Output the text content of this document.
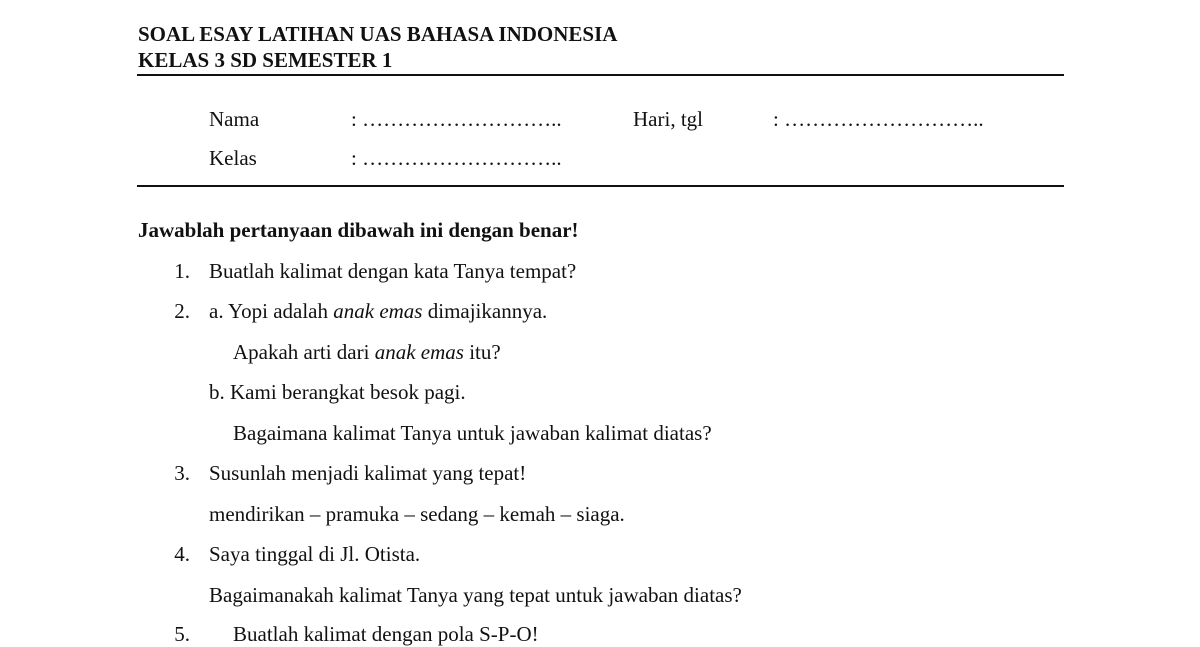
SOAL ESAY LATIHAN UAS BAHASA INDONESIA
KELAS 3 SD SEMESTER 1
Nama	: ………………………..	Hari, tgl	: ………………………..
Kelas	: ………………………..
Jawablah pertanyaan dibawah ini dengan benar!
1. Buatlah kalimat dengan kata Tanya tempat?
2. a. Yopi adalah anak emas dimajikannya.
Apakah arti dari anak emas itu?
b. Kami berangkat besok pagi.
Bagaimana kalimat Tanya untuk jawaban kalimat diatas?
3. Susunlah menjadi kalimat yang tepat!
mendirikan – pramuka – sedang – kemah – siaga.
4. Saya tinggal di Jl. Otista.
Bagaimanakah kalimat Tanya yang tepat untuk jawaban diatas?
5. Buatlah kalimat dengan pola S-P-O!
